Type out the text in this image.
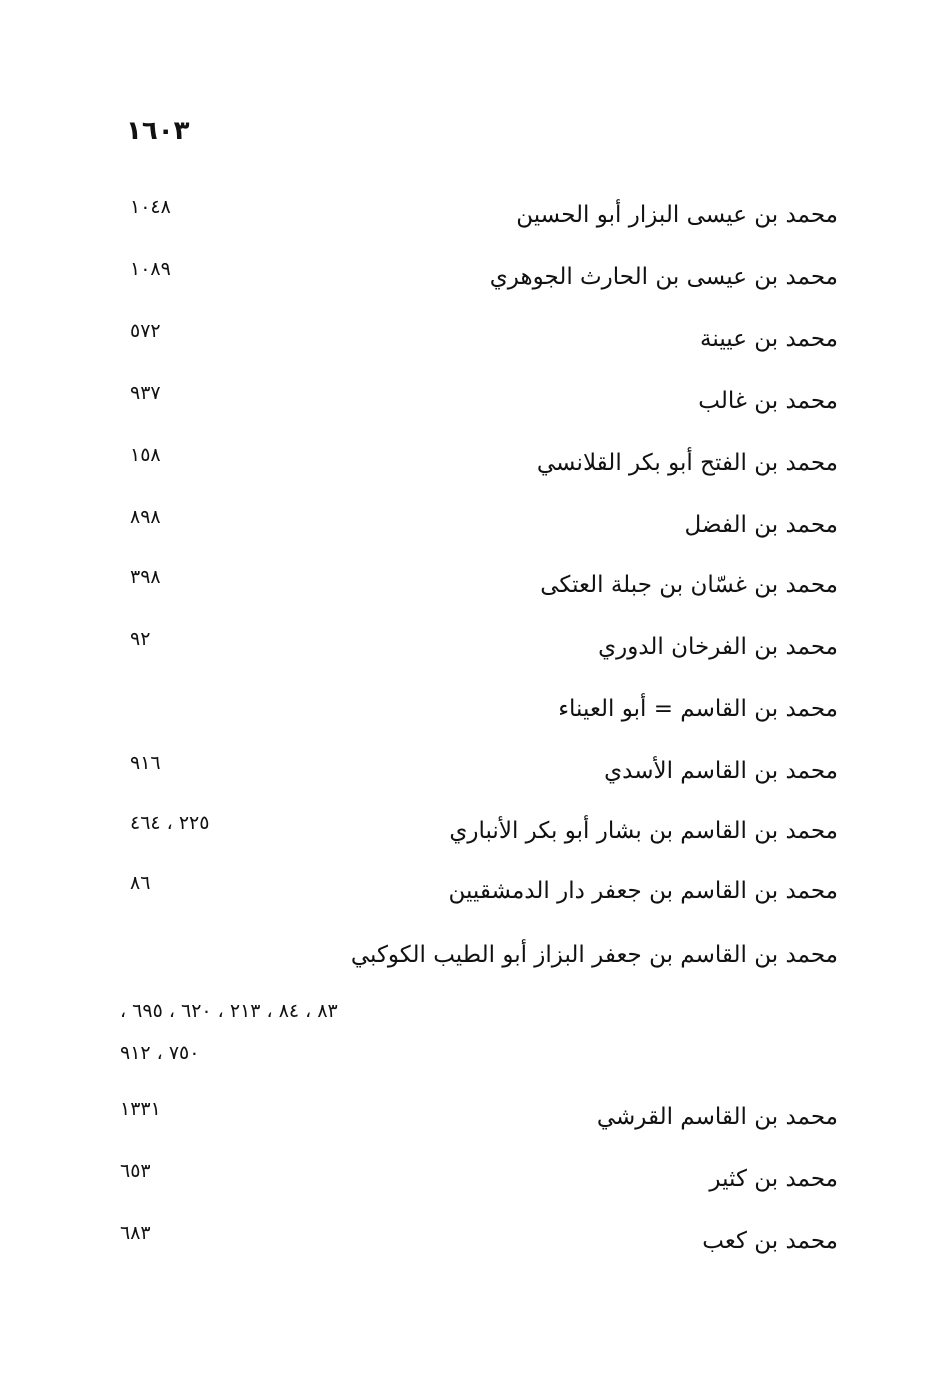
١٦٠٣
محمد بن عيسى البزار أبو الحسين
١٠٤٨
محمد بن عيسى بن الحارث الجوهري
١٠٨٩
محمد بن عيينة
٥٧٢
محمد بن غالب
٩٣٧
محمد بن الفتح أبو بكر القلانسي
١٥٨
محمد بن الفضل
٨٩٨
محمد بن غسّان بن جبلة العتكى
٣٩٨
محمد بن الفرخان الدوري
٩٢
محمد بن القاسم = أبو العيناء
محمد بن القاسم الأسدي
٩١٦
محمد بن القاسم بن بشار أبو بكر الأنباري
٢٢٥ ، ٤٦٤
محمد بن القاسم بن جعفر دار الدمشقيين
٨٦
محمد بن القاسم بن جعفر البزاز أبو الطيب الكوكبي
٨٣ ، ٨٤ ، ٢١٣ ، ٦٢٠ ، ٦٩٥ ،
٧٥٠ ، ٩١٢
محمد بن القاسم القرشي
١٣٣١
محمد بن كثير
٦٥٣
محمد بن كعب
٦٨٣
